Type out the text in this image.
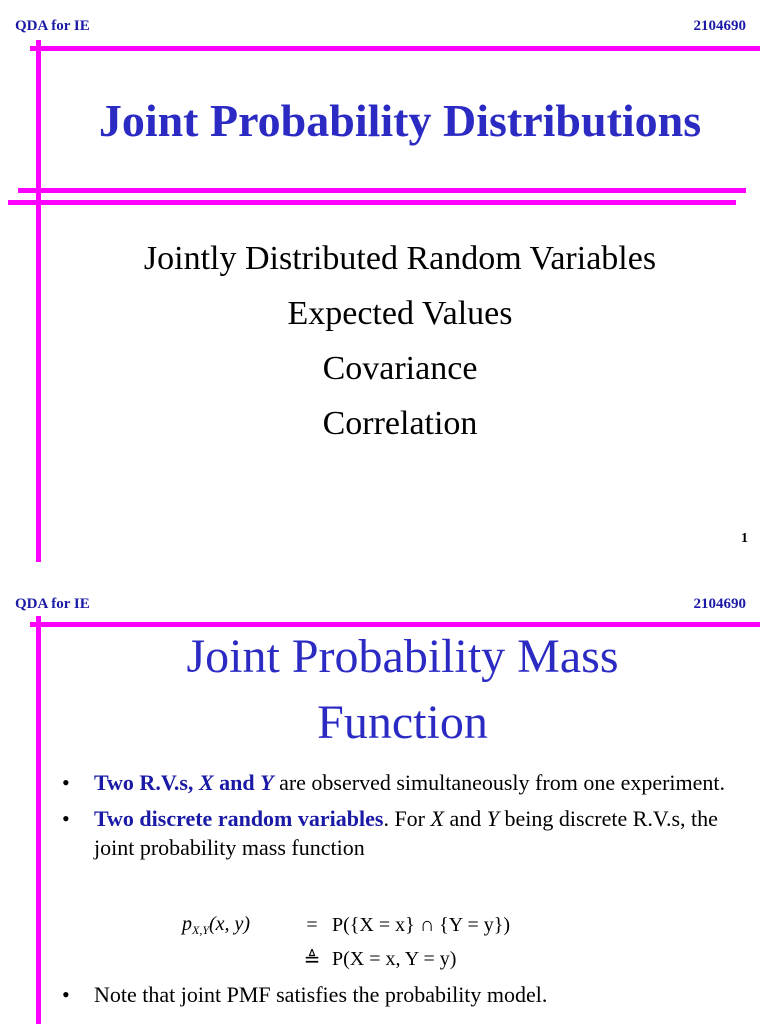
QDA for IE	2104690
Joint Probability Distributions
Jointly Distributed Random Variables
Expected Values
Covariance
Correlation
1
QDA for IE	2104690
Joint Probability Mass
Function
• Two R.V.s, X and Y are observed simultaneously from one experiment.
• Two discrete random variables. For X and Y being discrete R.V.s, the joint probability mass function
$p_{X,Y}(x$, y)	= P({X = x} ∩ {Y = y})
≜ P(X = x, Y = y)
• Note that joint PMF satisfies the probability model.
